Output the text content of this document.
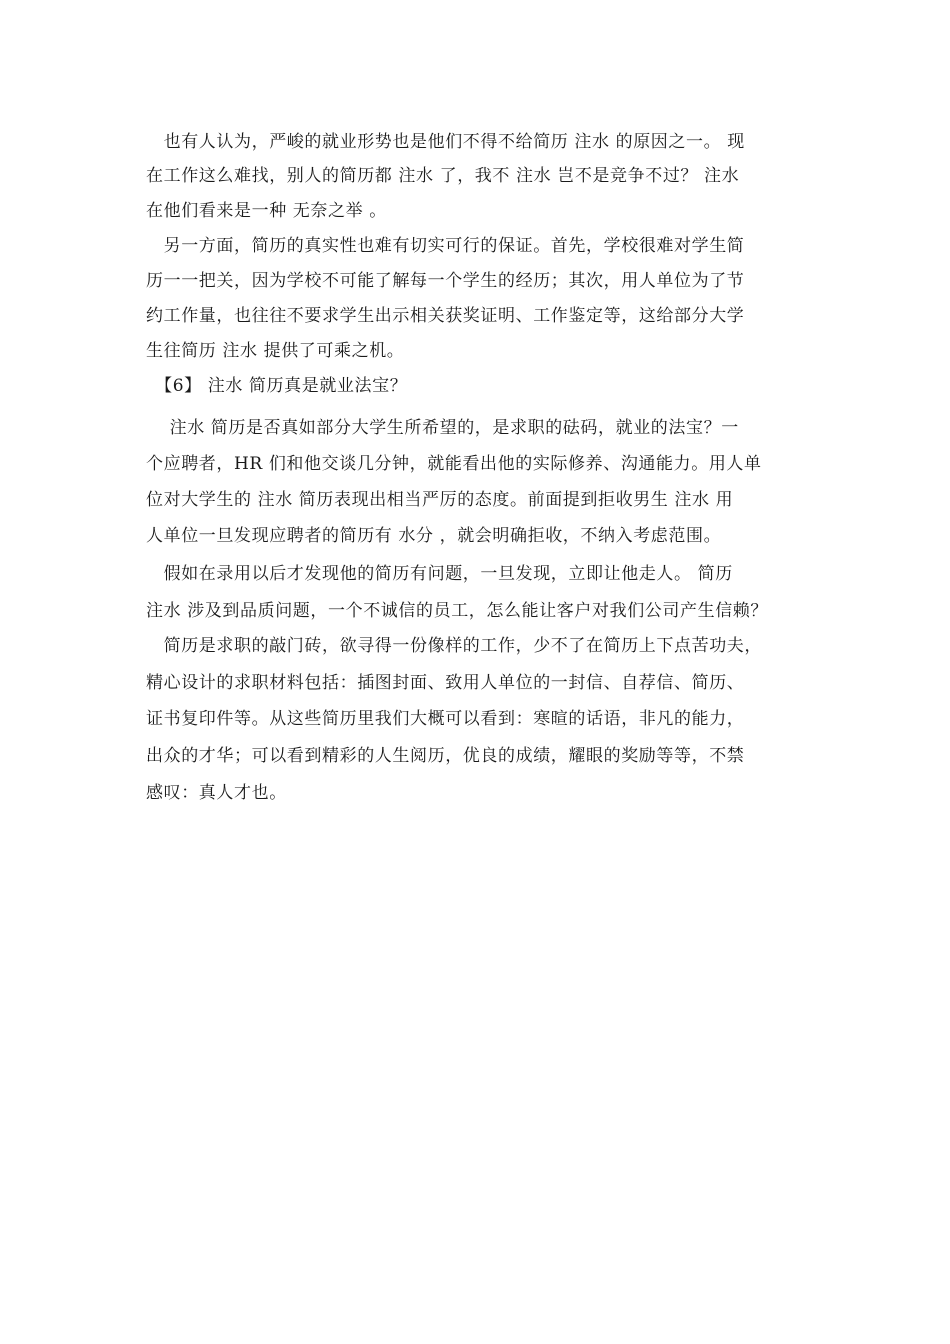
　也有人认为，严峻的就业形势也是他们不得不给简历 注水 的原因之一。 现
在工作这么难找，别人的简历都 注水 了，我不 注水 岂不是竞争不过？ 注水
在他们看来是一种 无奈之举 。
　另一方面，简历的真实性也难有切实可行的保证。首先，学校很难对学生简
历一一把关，因为学校不可能了解每一个学生的经历；其次，用人单位为了节
约工作量，也往往不要求学生出示相关获奖证明、工作鉴定等，这给部分大学
生往简历 注水 提供了可乘之机。
　【6】 注水 简历真是就业法宝？
　 注水 简历是否真如部分大学生所希望的，是求职的砝码，就业的法宝？一
个应聘者，HR 们和他交谈几分钟，就能看出他的实际修养、沟通能力。用人单
位对大学生的 注水 简历表现出相当严厉的态度。前面提到拒收男生 注水 用
人单位一旦发现应聘者的简历有 水分 ，就会明确拒收，不纳入考虑范围。
　假如在录用以后才发现他的简历有问题，一旦发现，立即让他走人。 简历
注水 涉及到品质问题，一个不诚信的员工，怎么能让客户对我们公司产生信赖？
　简历是求职的敲门砖，欲寻得一份像样的工作，少不了在简历上下点苦功夫，
精心设计的求职材料包括：插图封面、致用人单位的一封信、自荐信、简历、
证书复印件等。从这些简历里我们大概可以看到：寒暄的话语，非凡的能力，
出众的才华；可以看到精彩的人生阅历，优良的成绩，耀眼的奖励等等，不禁
感叹：真人才也。
